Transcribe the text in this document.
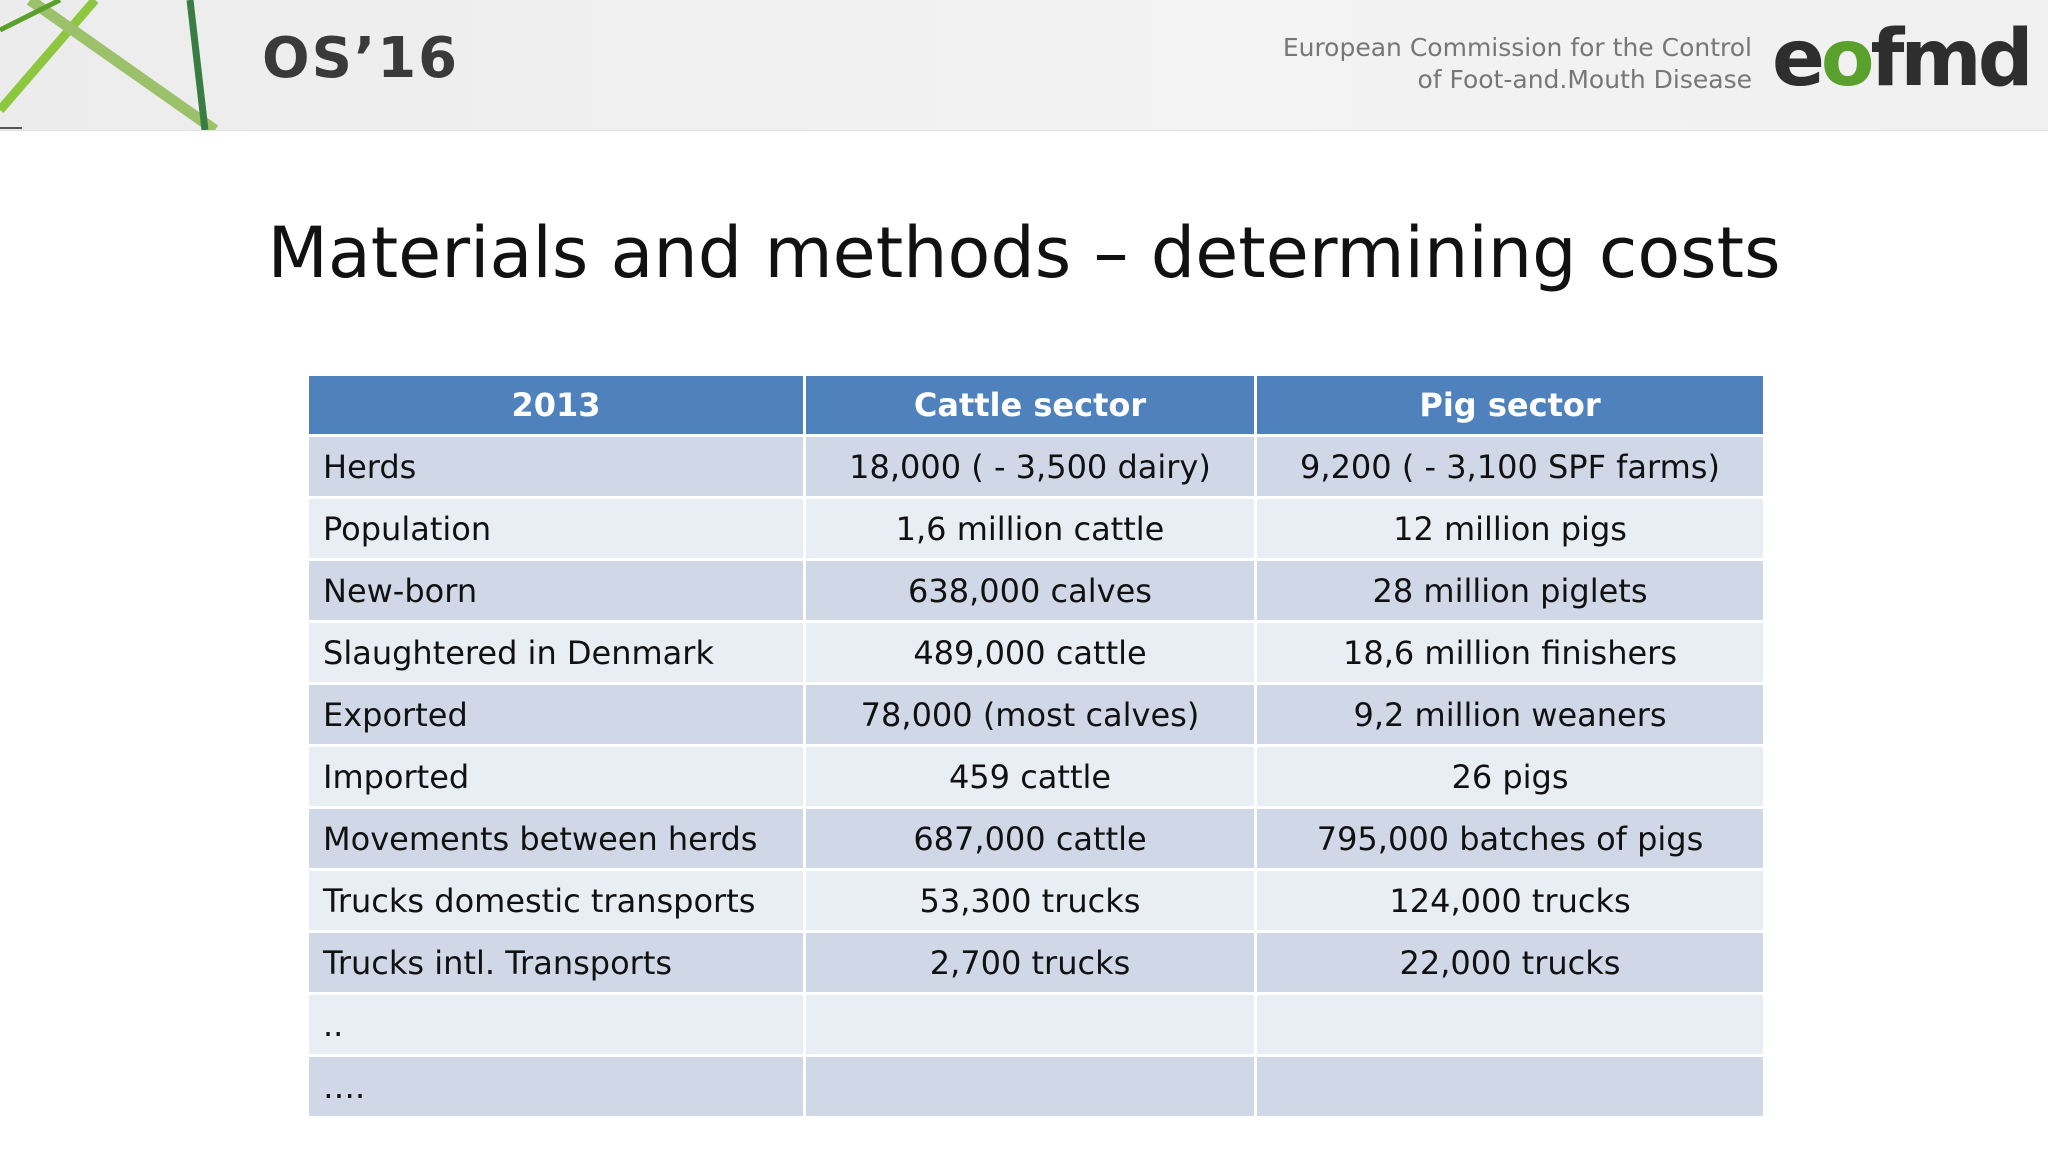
OS’16	European Commission for the Control
of Foot-and.Mouth Disease eofmd
Materials and methods – determining costs
2013	Cattle sector	Pig sector
Herds	18,000 ( - 3,500 dairy)	9,200 ( - 3,100 SPF farms)
Population	1,6 million cattle	12 million pigs
New-born	638,000 calves	28 million piglets
Slaughtered in Denmark	489,000 cattle	18,6 million finishers
Exported	78,000 (most calves)	9,2 million weaners
Imported	459 cattle	26 pigs
Movements between herds	687,000 cattle	795,000 batches of pigs
Trucks domestic transports	53,300 trucks	124,000 trucks
Trucks intl. Transports	2,700 trucks	22,000 trucks
..		
….		
